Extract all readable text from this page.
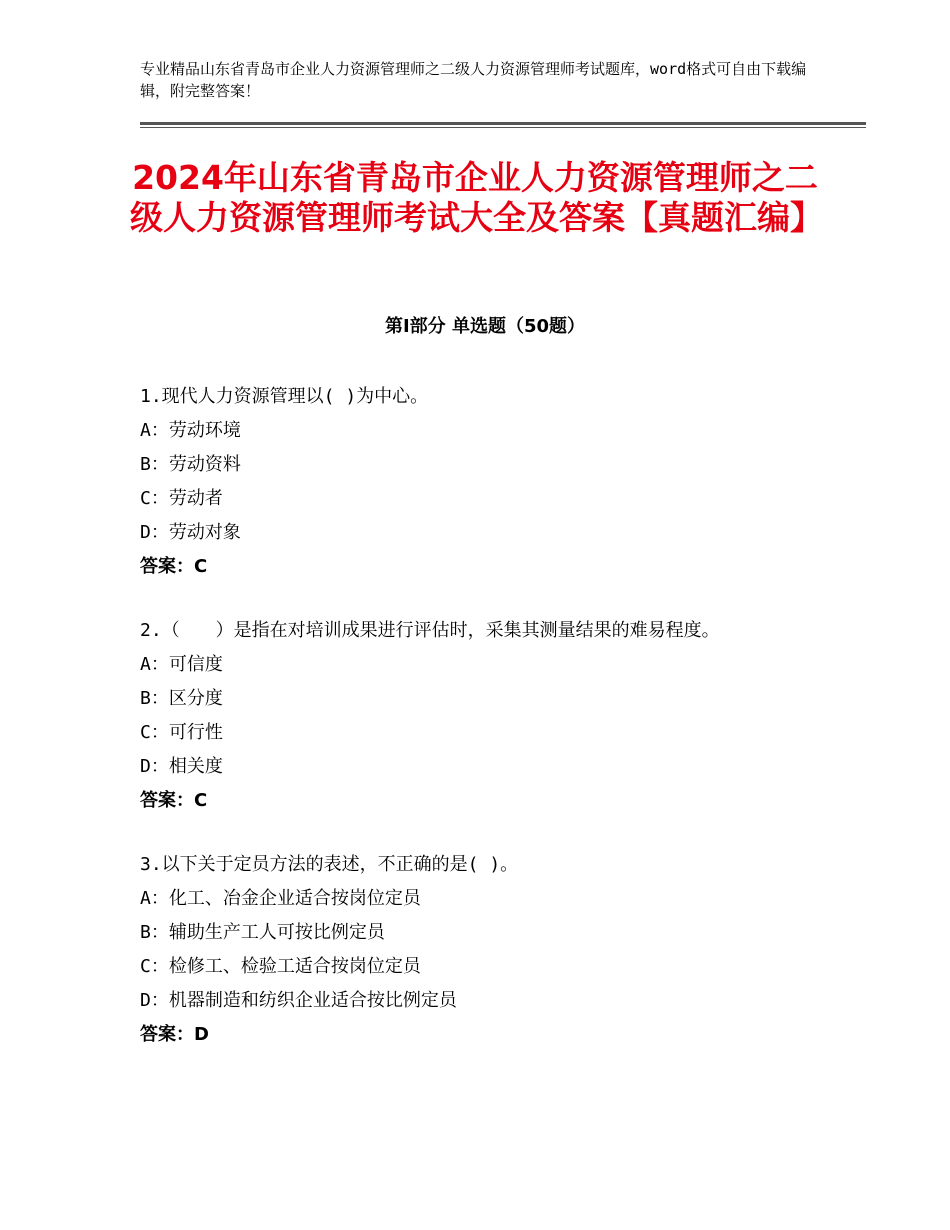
专业精品山东省青岛市企业人力资源管理师之二级人力资源管理师考试题库，word格式可自由下载编辑，附完整答案！
2024年山东省青岛市企业人力资源管理师之二级人力资源管理师考试大全及答案【真题汇编】
第Ⅰ部分 单选题（50题）
1.现代人力资源管理以( )为中心。
A：劳动环境
B：劳动资料
C：劳动者
D：劳动对象
答案：C
2.（　　）是指在对培训成果进行评估时，采集其测量结果的难易程度。
A：可信度
B：区分度
C：可行性
D：相关度
答案：C
3.以下关于定员方法的表述，不正确的是( )。
A：化工、冶金企业适合按岗位定员
B：辅助生产工人可按比例定员
C：检修工、检验工适合按岗位定员
D：机器制造和纺织企业适合按比例定员
答案：D
